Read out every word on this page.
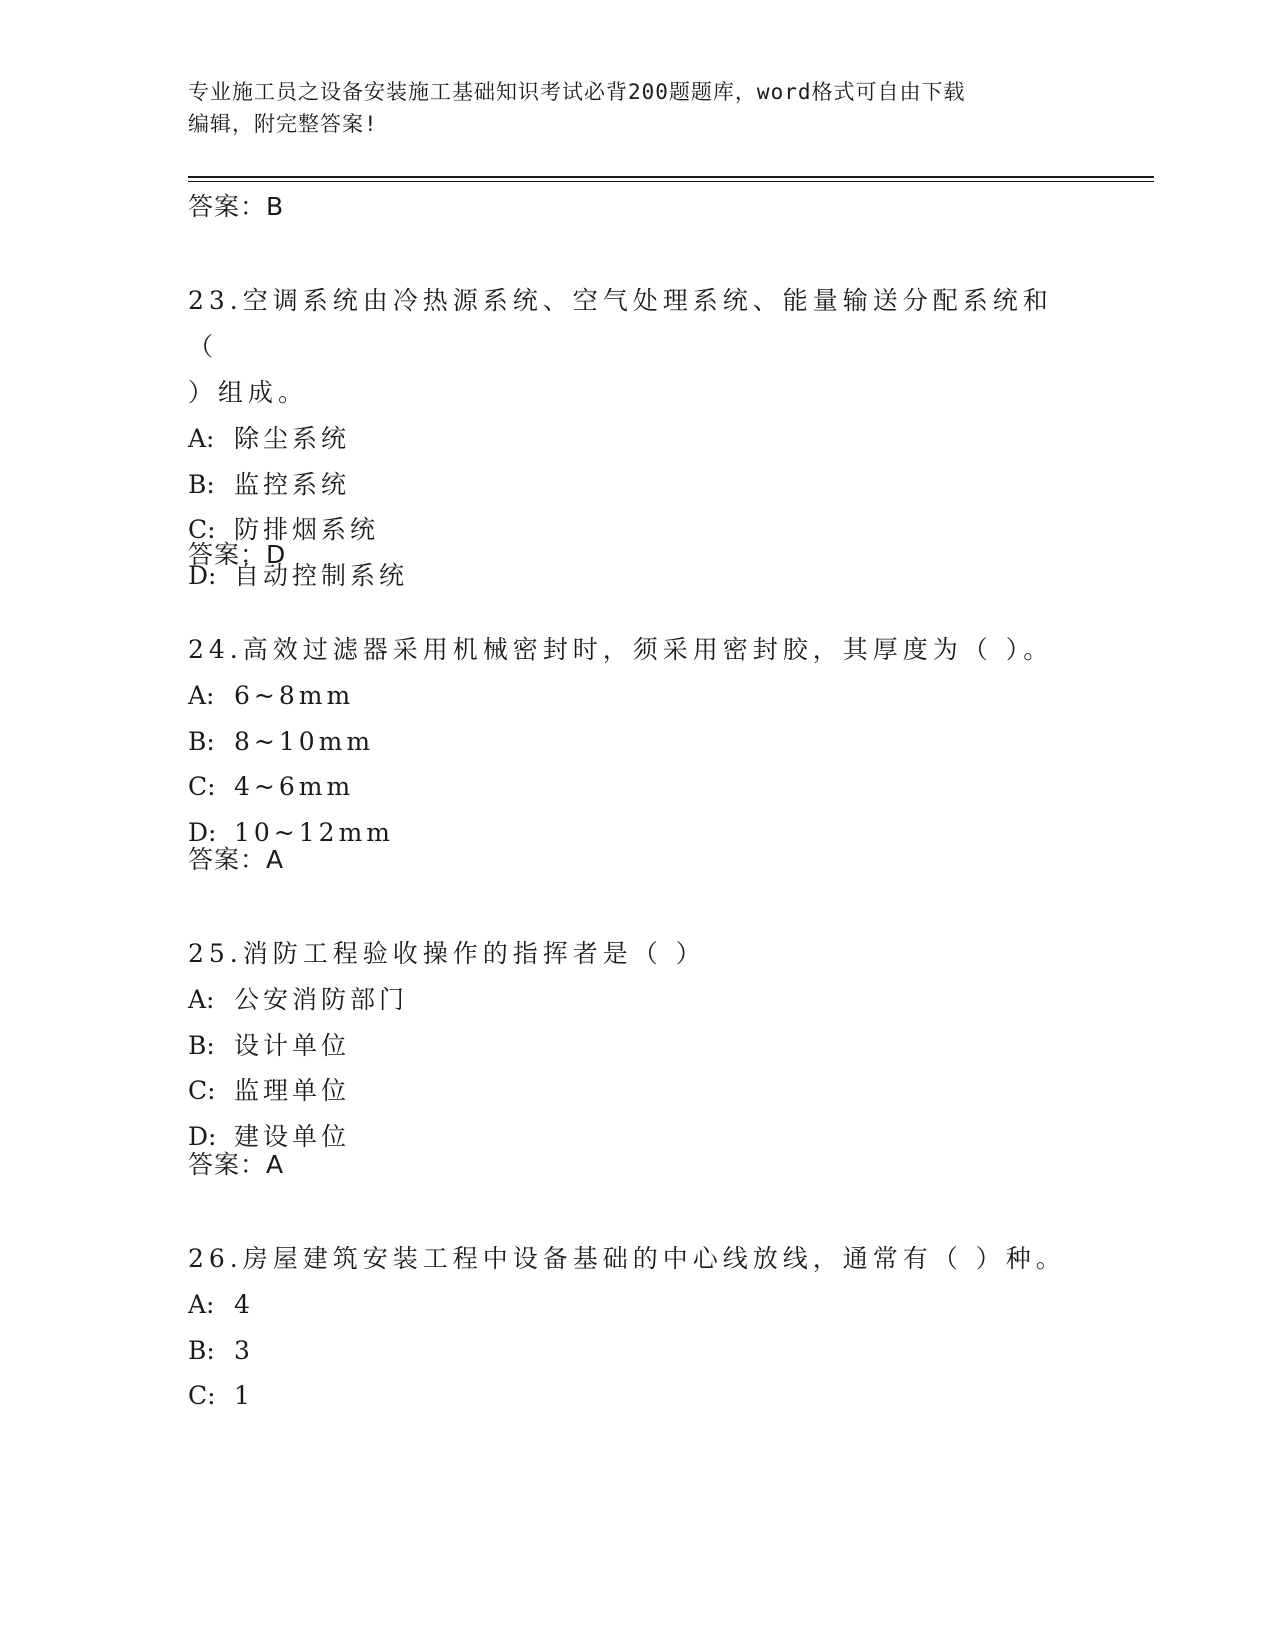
专业施工员之设备安装施工基础知识考试必背200题题库，word格式可自由下载
编辑，附完整答案!
答案：B
23.空调系统由冷热源系统、空气处理系统、能量输送分配系统和（
）组成。
A: 除尘系统
B: 监控系统
C: 防排烟系统
D: 自动控制系统
答案：D
24.高效过滤器采用机械密封时，须采用密封胶，其厚度为（ ）。
A: 6~8mm
B: 8~10mm
C: 4~6mm
D: 10~12mm
答案：A
25.消防工程验收操作的指挥者是（ ）
A: 公安消防部门
B: 设计单位
C: 监理单位
D: 建设单位
答案：A
26.房屋建筑安装工程中设备基础的中心线放线，通常有（ ）种。
A: 4
B: 3
C: 1
